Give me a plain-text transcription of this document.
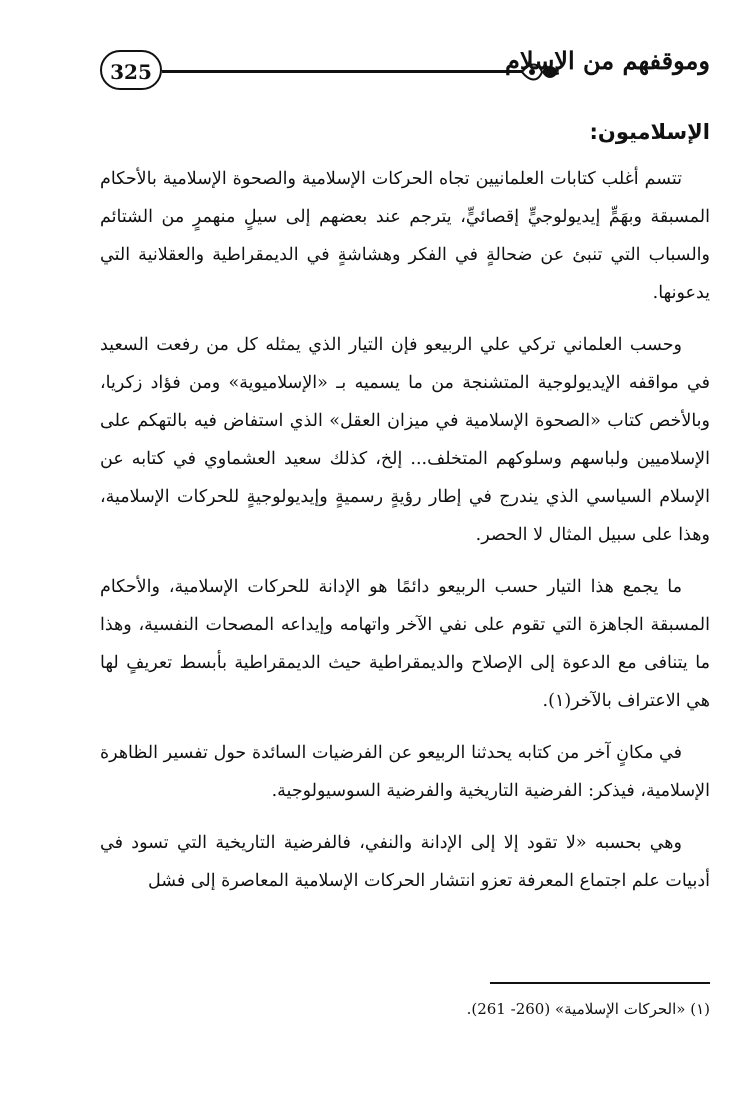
325	وموقفهم من الإسلام
الإسلاميون:

تتسم أغلب كتابات العلمانيين تجاه الحركات الإسلامية والصحوة الإسلامية بالأحكام المسبقة وبهَمٍّ إيديولوجيٍّ إقصائيٍّ، يترجم عند بعضهم إلى سيلٍ منهمرٍ من الشتائم والسباب التي تنبئ عن ضحالةٍ في الفكر وهشاشةٍ في الديمقراطية والعقلانية التي يدعونها.

وحسب العلماني تركي علي الربيعو فإن التيار الذي يمثله كل من رفعت السعيد في مواقفه الإيديولوجية المتشنجة من ما يسميه بـ «الإسلامیوية» ومن فؤاد زكريا، وبالأخص كتاب «الصحوة الإسلامية في ميزان العقل» الذي استفاض فيه بالتهكم على الإسلاميين ولباسهم وسلوكهم المتخلف... إلخ، كذلك سعيد العشماوي في كتابه عن الإسلام السياسي الذي يندرج في إطار رؤيةٍ رسميةٍ وإيديولوجيةٍ للحركات الإسلامية، وهذا على سبيل المثال لا الحصر.

ما يجمع هذا التيار حسب الربيعو دائمًا هو الإدانة للحركات الإسلامية، والأحكام المسبقة الجاهزة التي تقوم على نفي الآخر واتهامه وإيداعه المصحات النفسية، وهذا ما يتنافى مع الدعوة إلى الإصلاح والديمقراطية حيث الديمقراطية بأبسط تعريفٍ لها هي الاعتراف بالآخر(١).

في مكانٍ آخر من كتابه يحدثنا الربيعو عن الفرضيات السائدة حول تفسير الظاهرة الإسلامية، فيذكر: الفرضية التاريخية والفرضية السوسيولوجية.

وهي بحسبه «لا تقود إلا إلى الإدانة والنفي، فالفرضية التاريخية التي تسود في أدبيات علم اجتماع المعرفة تعزو انتشار الحركات الإسلامية المعاصرة إلى فشل

(١) «الحركات الإسلامية» (260- 261).
